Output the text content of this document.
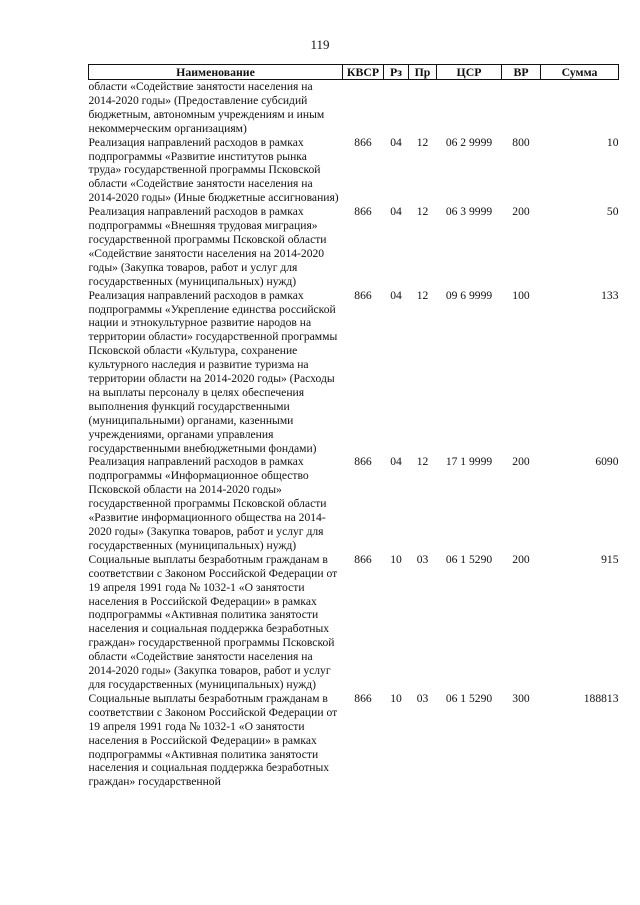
119
Наименование	КВСР	Рз	Пр	ЦСР	ВР	Сумма
области «Содействие занятости населения на 2014-2020 годы» (Предоставление субсидий бюджетным, автономным учреждениям и иным некоммерческим организациям)						
Реализация направлений расходов в рамках подпрограммы «Развитие институтов рынка труда» государственной программы Псковской области «Содействие занятости населения на 2014-2020 годы» (Иные бюджетные ассигнования)	866	04	12	06 2 9999	800	10
Реализация направлений расходов в рамках подпрограммы «Внешняя трудовая миграция» государственной программы Псковской области «Содействие занятости населения на 2014-2020 годы» (Закупка товаров, работ и услуг для государственных (муниципальных) нужд)	866	04	12	06 3 9999	200	50
Реализация направлений расходов в рамках подпрограммы «Укрепление единства российской нации и этнокультурное развитие народов на территории области» государственной программы Псковской области «Культура, сохранение культурного наследия и развитие туризма на территории области на 2014-2020 годы» (Расходы на выплаты персоналу в целях обеспечения выполнения функций государственными (муниципальными) органами, казенными учреждениями, органами управления государственными внебюджетными фондами)	866	04	12	09 6 9999	100	133
Реализация направлений расходов в рамках подпрограммы «Информационное общество Псковской области на 2014-2020 годы» государственной программы Псковской области «Развитие информационного общества на 2014-2020 годы» (Закупка товаров, работ и услуг для государственных (муниципальных) нужд)	866	04	12	17 1 9999	200	6090
Социальные выплаты безработным гражданам в соответствии с Законом Российской Федерации от 19 апреля 1991 года № 1032-1 «О занятости населения в Российской Федерации» в рамках подпрограммы «Активная политика занятости населения и социальная поддержка безработных граждан» государственной программы Псковской области «Содействие занятости населения на 2014-2020 годы» (Закупка товаров, работ и услуг для государственных (муниципальных) нужд)	866	10	03	06 1 5290	200	915
Социальные выплаты безработным гражданам в соответствии с Законом Российской Федерации от 19 апреля 1991 года № 1032-1 «О занятости населения в Российской Федерации» в рамках подпрограммы «Активная политика занятости населения и социальная поддержка безработных граждан» государственной	866	10	03	06 1 5290	300	188813
